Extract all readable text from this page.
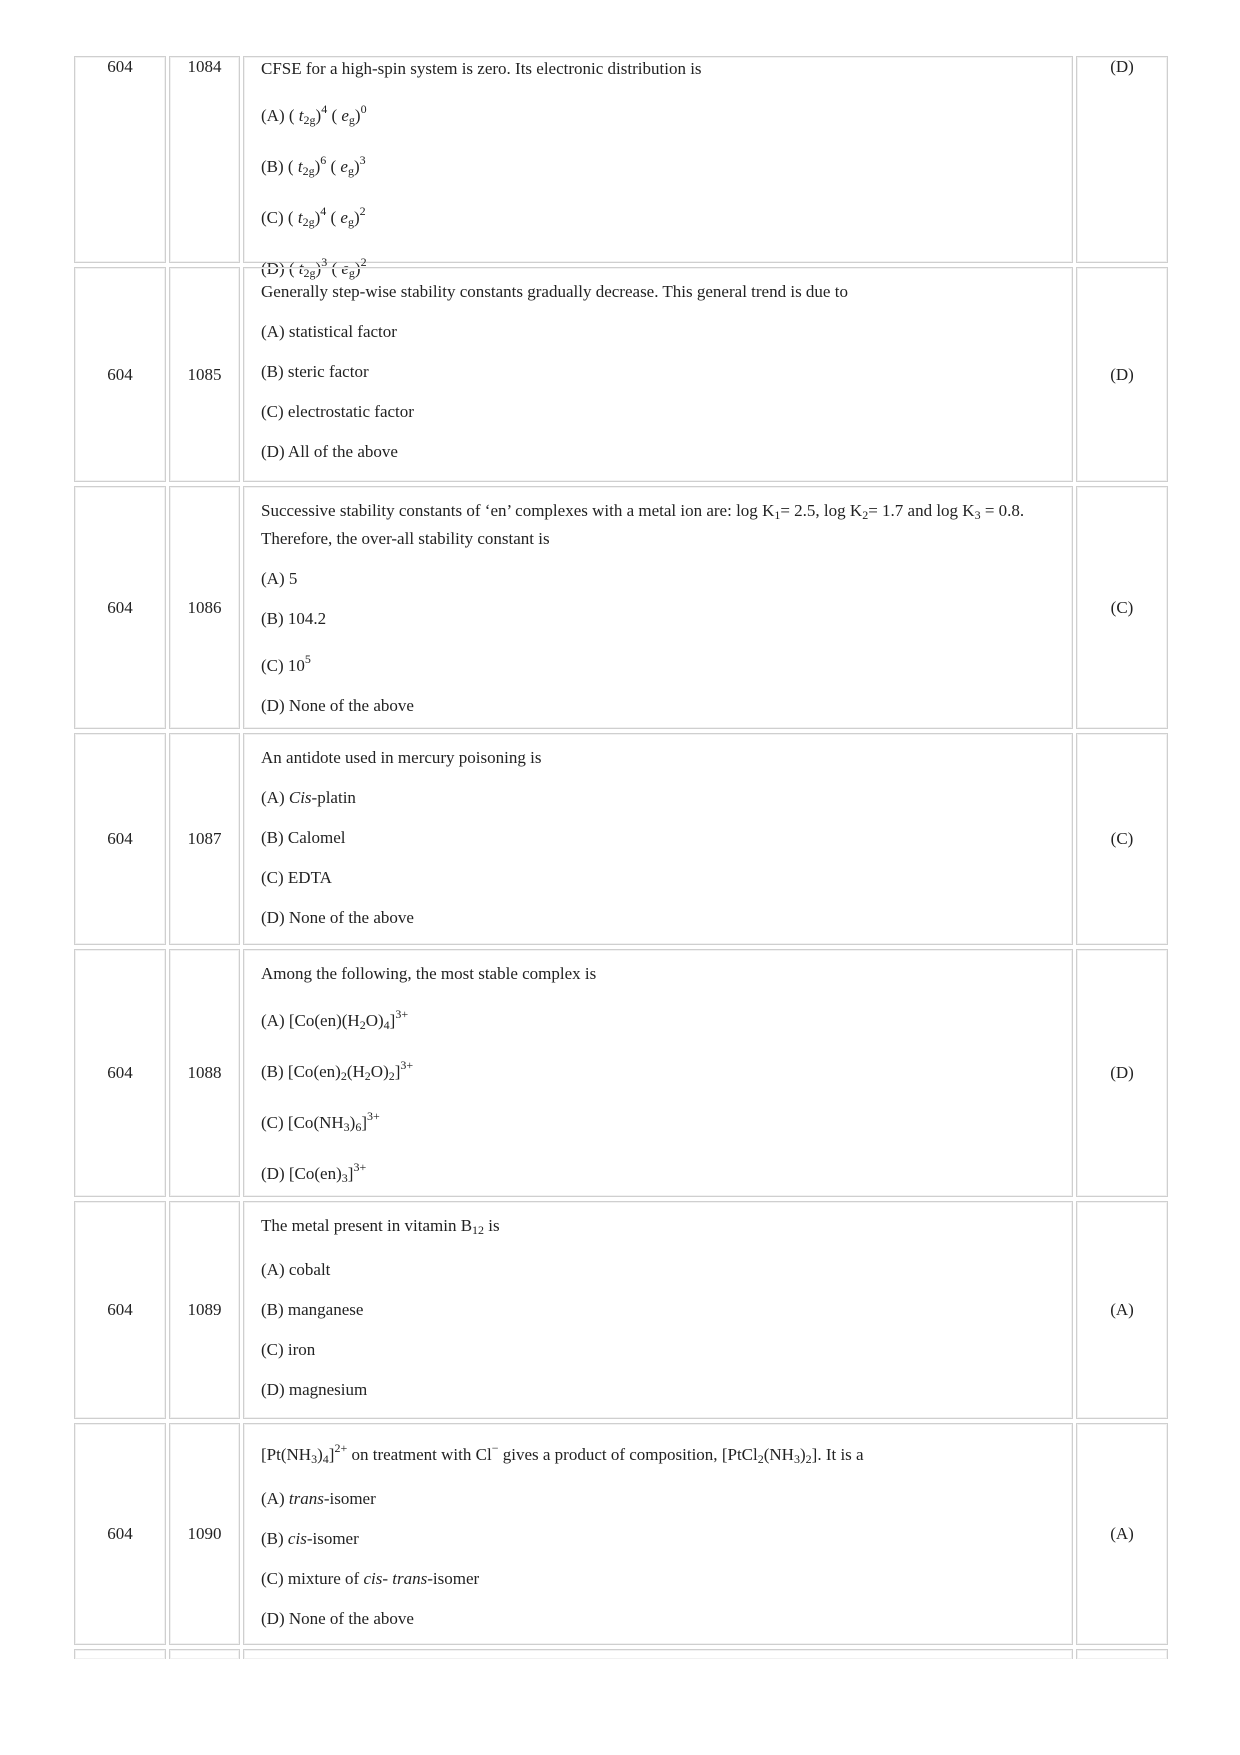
604	1084 CFSE for a high-spin system is zero. Its electronic distribution is

(A) ( $t_{2g})^4$ ( $e_g)^0$

(B) ( $t_{2g})^6$ ( $e_g)^3$

(C) ( $t_{2g})^4$ ( $e_g)^2$

(D) ( $t_{2g})^3$ ( $e_g)^2$

(D)
604	1085

Generally step-wise stability constants gradually decrease. This general trend is due to

(A) statistical factor

(B) steric factor

(C) electrostatic factor

(D) All of the above

(D)
604	1086

Successive stability constants of ‘en’ complexes with a metal ion are: $\log K_1= 2.5$, $\log K_2= 1.7$ and $\log K_3 = 0.8$. Therefore, the over-all stability constant is

(A) 5

(B) 104.2

(C) $10^5$

(D) None of the above

(C)
604	1087

An antidote used in mercury poisoning is

(A) Cis-platin

(B) Calomel

(C) EDTA

(D) None of the above

(C)
604	1088

Among the following, the most stable complex is

(A) $[Co(en)(H_2O)_4]^{3+}$

(B) $[Co(en)_2(H_2O)_2]^{3+}$

(C) $[Co(NH_3)_6]^{3+}$

(D) $[Co(en)_3]^{3+}$

(D)
604	1089

The metal present in vitamin $B_{12}$ is

(A) cobalt

(B) manganese

(C) iron

(D) magnesium

(A)
604	1090

$[Pt(NH_3)_4]^{2+}$ on treatment with Cl− gives a product of composition, $[PtCl_2(NH_3)_2]$. It is a

(A) trans-isomer

(B) cis-isomer

(C) mixture of cis- trans-isomer

(D) None of the above

(A)
